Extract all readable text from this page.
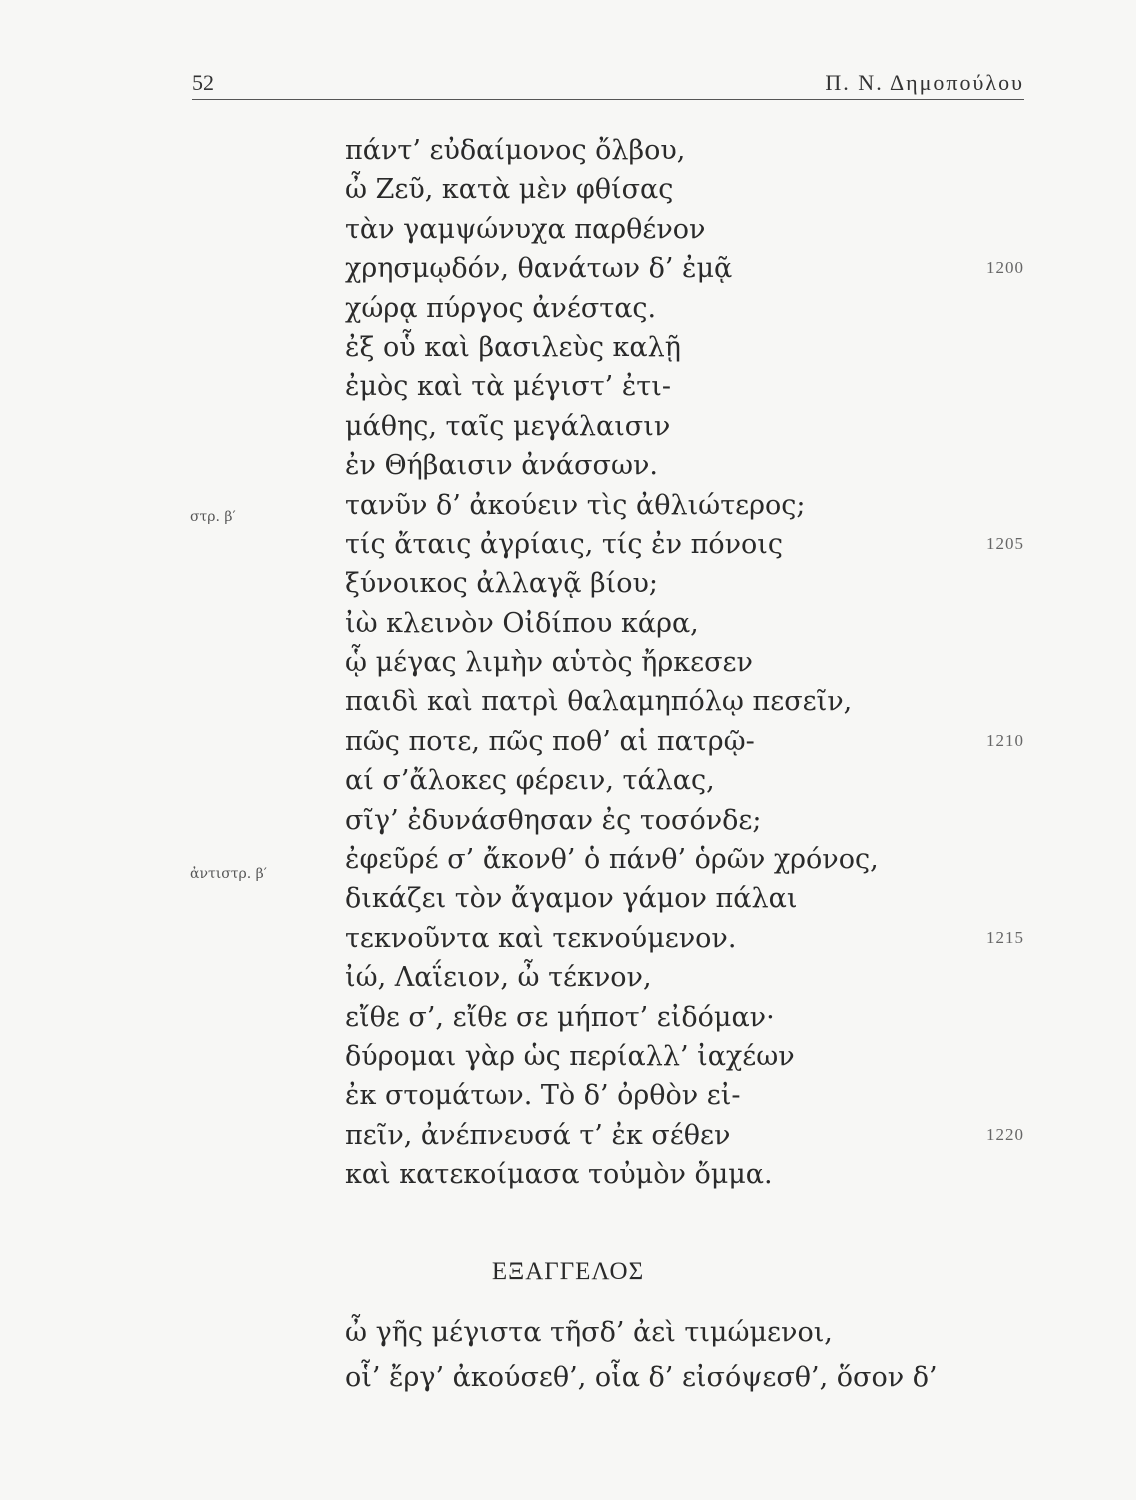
52	Π. Ν. Δημοπούλου
στρ. β′
ἀντιστρ. β′
1200
1205
1210
1215
1220
πάντ’ εὐδαίμονος ὄλβου,
ὦ Ζεῦ, κατὰ μὲν φθίσας
τὰν γαμψώνυχα παρθένον
χρησμῳδόν, θανάτων δ’ ἐμᾷ
χώρᾳ πύργος ἀνέστας.
ἐξ οὗ καὶ βασιλεὺς καλῇ
ἐμὸς καὶ τὰ μέγιστ’ ἐτι-
μάθης, ταῖς μεγάλαισιν
ἐν Θήβαισιν ἀνάσσων.
τανῦν δ’ ἀκούειν τὶς ἀθλιώτερος;
τίς ἄταις ἀγρίαις, τίς ἐν πόνοις
ξύνοικος ἀλλαγᾷ βίου;
ἰὼ κλεινὸν Οἰδίπου κάρα,
ᾧ μέγας λιμὴν αὑτὸς ἤρκεσεν
παιδὶ καὶ πατρὶ θαλαμηπόλῳ πεσεῖν,
πῶς ποτε, πῶς ποθ’ αἱ πατρῷ-
αί σ’ἄλοκες φέρειν, τάλας,
σῖγ’ ἐδυνάσθησαν ἐς τοσόνδε;
ἐφεῦρέ σ’ ἄκονθ’ ὁ πάνθ’ ὁρῶν χρόνος,
δικάζει τὸν ἄγαμον γάμον πάλαι
τεκνοῦντα καὶ τεκνούμενον.
ἰώ, Λαΐειον, ὦ τέκνον,
εἴθε σ’, εἴθε σε μήποτ’ εἰδόμαν·
δύρομαι γὰρ ὡς περίαλλ’ ἰαχέων
ἐκ στομάτων. Τὸ δ’ ὀρθὸν εἰ-
πεῖν, ἀνέπνευσά τ’ ἐκ σέθεν
καὶ κατεκοίμασα τοὐμὸν ὄμμα.
ΕΞΑΓΓΕΛΟΣ
ὦ γῆς μέγιστα τῆσδ’ ἀεὶ τιμώμενοι,
οἷ’ ἔργ’ ἀκούσεθ’, οἷα δ’ εἰσόψεσθ’, ὅσον δ’
